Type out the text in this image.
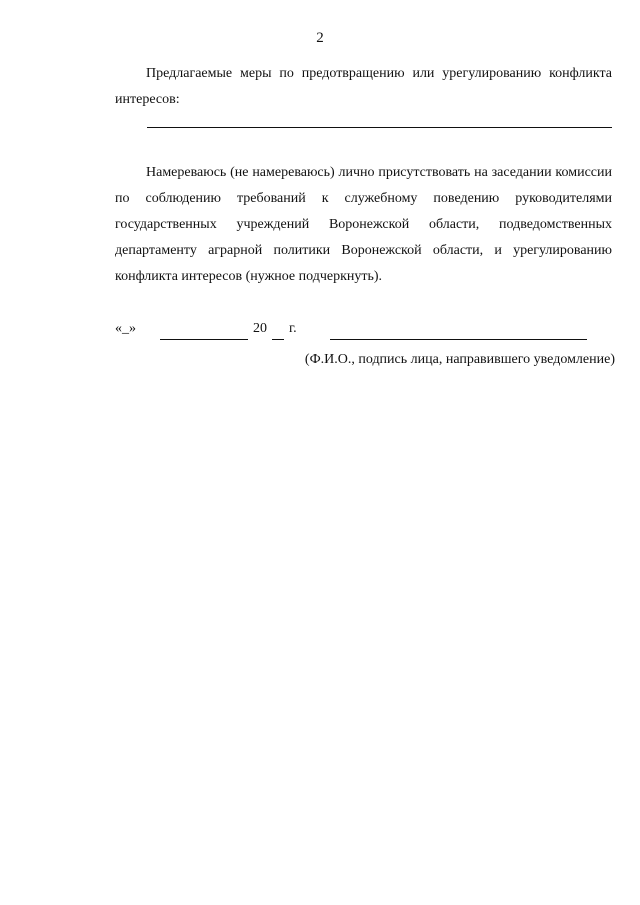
2
Предлагаемые меры по предотвращению или урегулированию конфликта интересов:
Намереваюсь (не намереваюсь) лично присутствовать на заседании комиссии по соблюдению требований к служебному поведению руководителями государственных учреждений Воронежской области, подведомственных департаменту аграрной политики Воронежской области, и урегулированию конфликта интересов (нужное подчеркнуть).
«_»	20 г.
(Ф.И.О., подпись лица, направившего уведомление)
